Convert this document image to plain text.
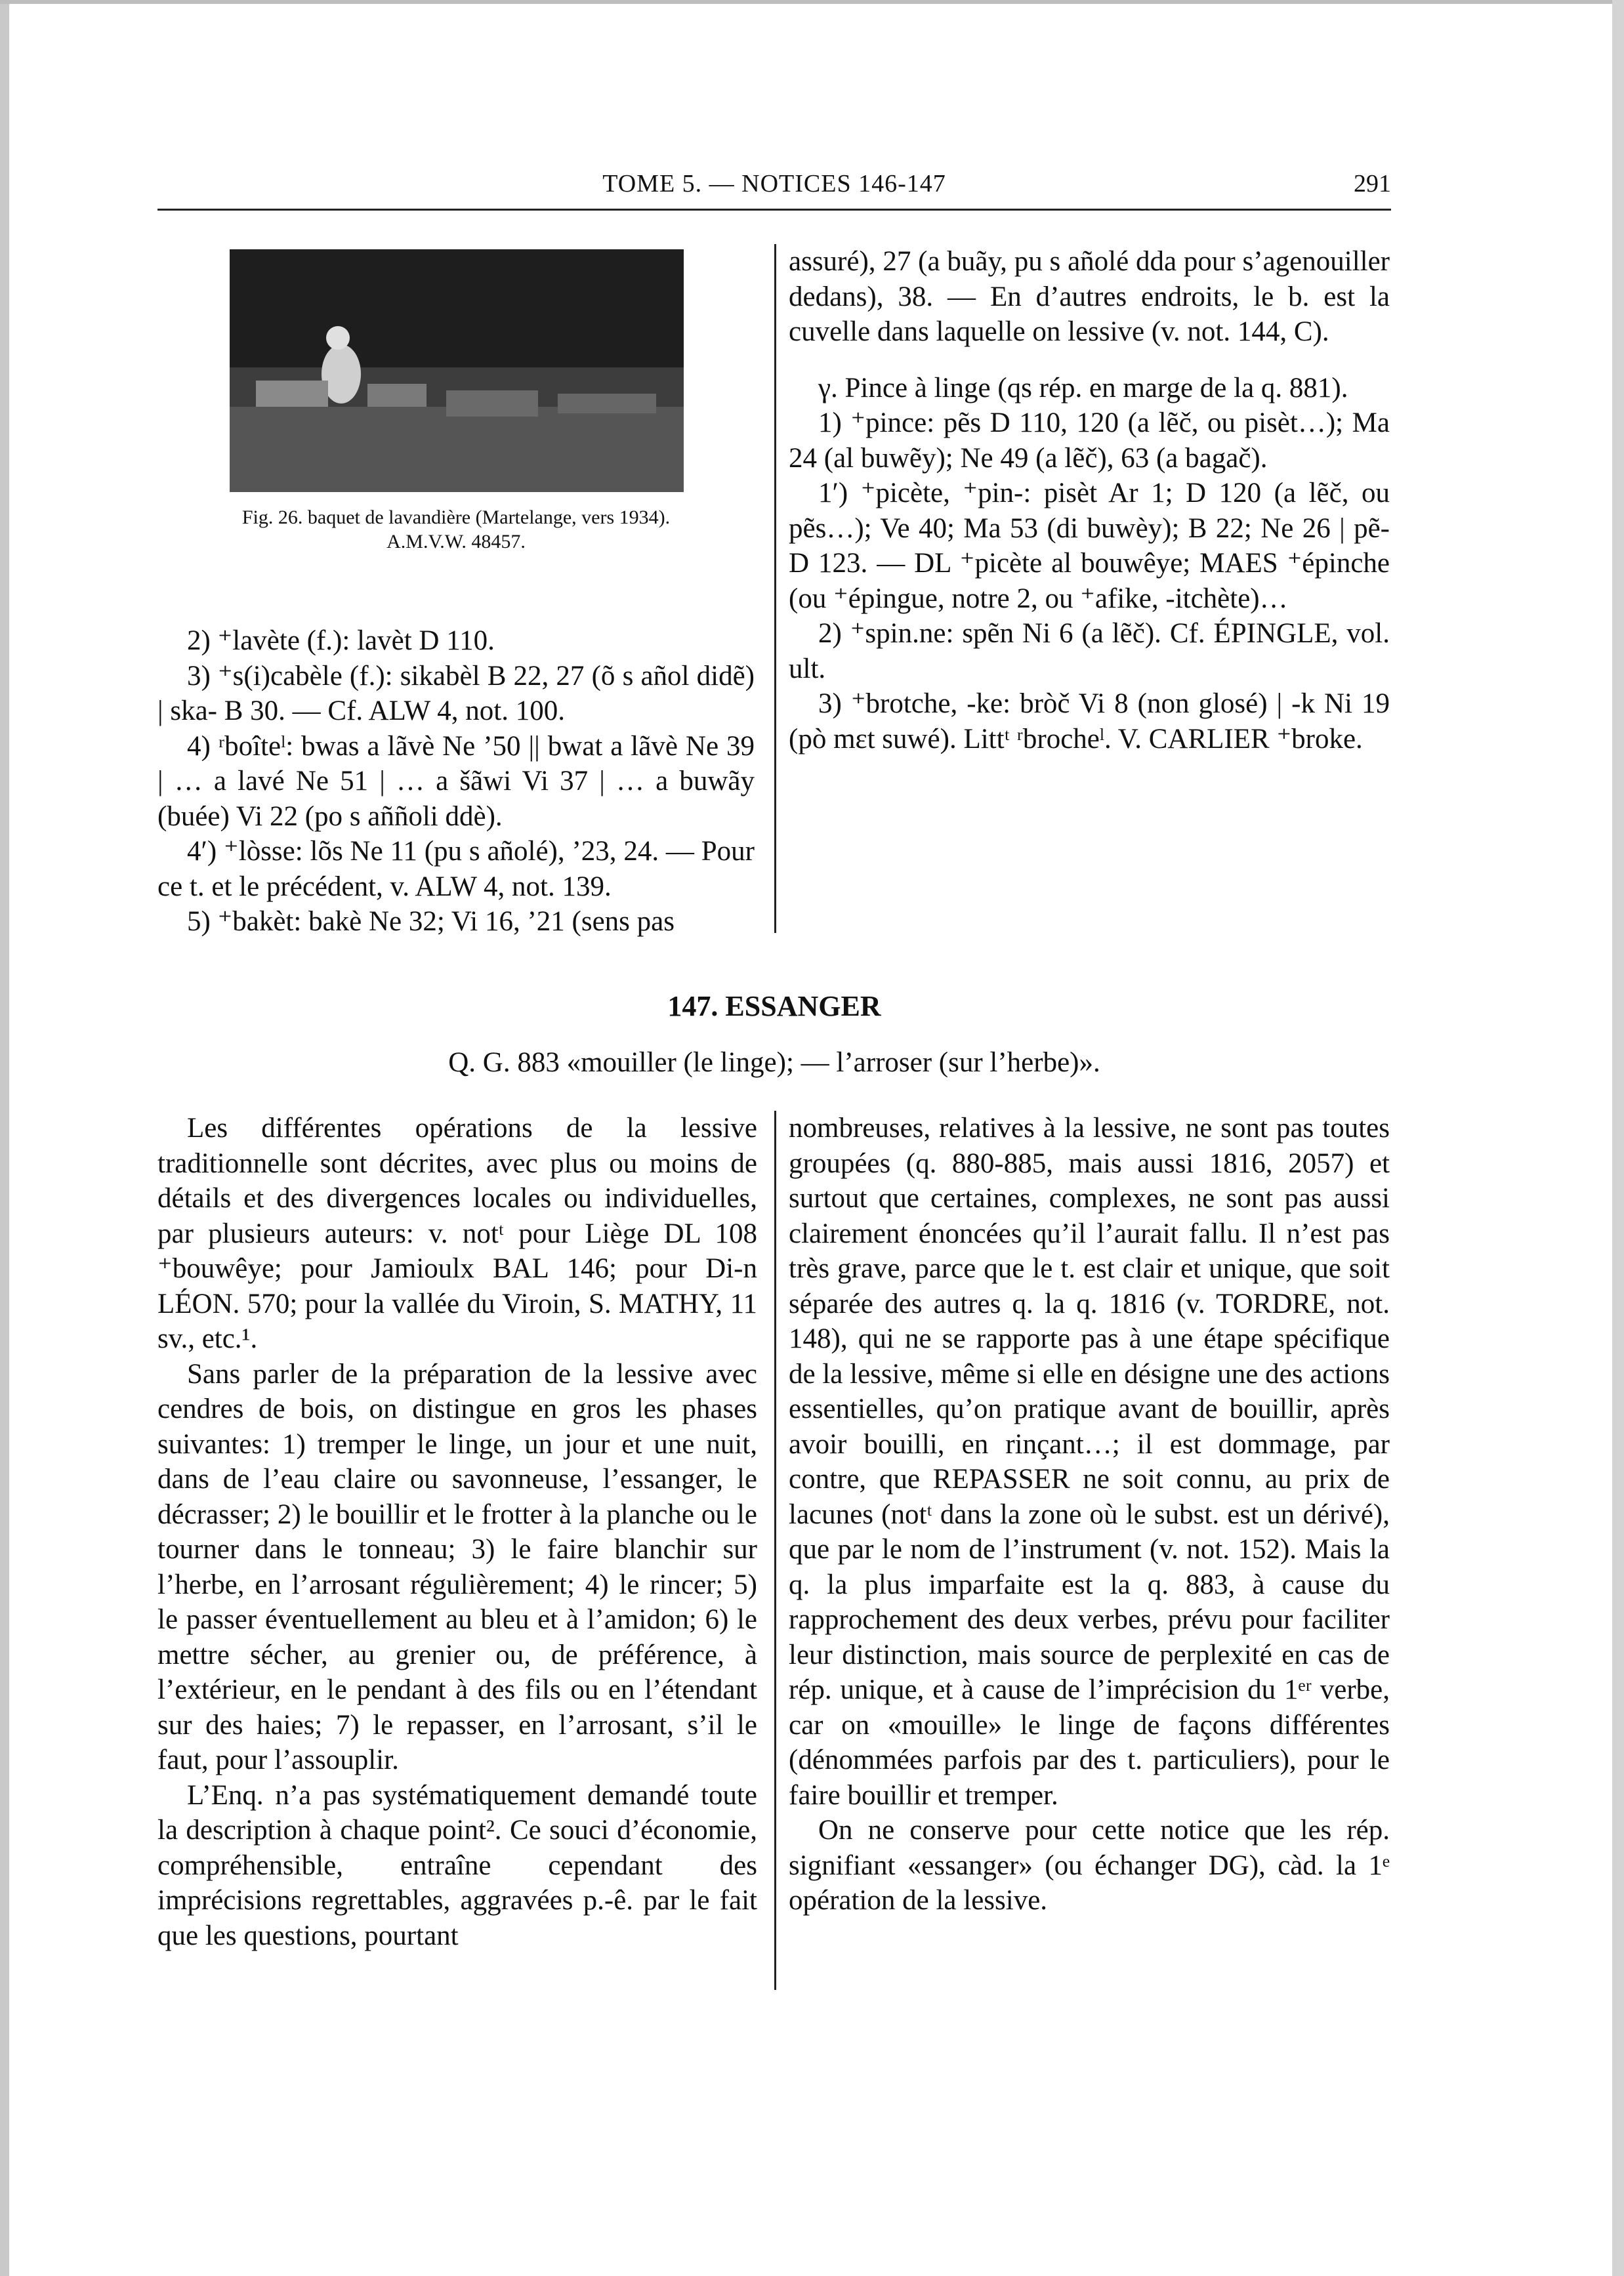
TOME 5. — NOTICES 146-147	291
Fig. 26. baquet de lavandière (Martelange, vers 1934).
A.M.V.W. 48457.

2) ⁺lavète (f.): lavèt D 110.

3) ⁺s(i)cabèle (f.): sikabèl B 22, 27 (õ s añol didẽ) | ska- B 30. — Cf. ALW 4, not. 100.

4) ʳboîteˡ: bwas a lãvè Ne ’50 || bwat a lãvè Ne 39 | … a lavé Ne 51 | … a šãwi Vi 37 | … a buwãy (buée) Vi 22 (po s aññoli ddè).

4′) ⁺lòsse: lõs Ne 11 (pu s añolé), ’23, 24. — Pour ce t. et le précédent, v. ALW 4, not. 139.

5) ⁺bakèt: bakè Ne 32; Vi 16, ’21 (sens pas

assuré), 27 (a buãy, pu s añolé dda pour s’agenouiller dedans), 38. — En d’autres endroits, le b. est la cuvelle dans laquelle on lessive (v. not. 144, C).

γ. Pince à linge (qs rép. en marge de la q. 881).

1) ⁺pince: pẽs D 110, 120 (a lẽč, ou pisèt…); Ma 24 (al buwẽy); Ne 49 (a lẽč), 63 (a bagač).

1′) ⁺picète, ⁺pin-: pisèt Ar 1; D 120 (a lẽč, ou pẽs…); Ve 40; Ma 53 (di buwèy); B 22; Ne 26 | pẽ- D 123. — DL ⁺picète al bouwêye; MAES ⁺épinche (ou ⁺épingue, notre 2, ou ⁺afike, -itchète)…

2) ⁺spin.ne: spẽn Ni 6 (a lẽč). Cf. ÉPINGLE, vol. ult.

3) ⁺brotche, -ke: bròč Vi 8 (non glosé) | -k Ni 19 (pò mɛt suwé). Littᵗ ʳbrocheˡ. V. CARLIER ⁺broke.

147. ESSANGER
Q. G. 883 «mouiller (le linge); — l’arroser (sur l’herbe)».

Les différentes opérations de la lessive traditionnelle sont décrites, avec plus ou moins de détails et des divergences locales ou individuelles, par plusieurs auteurs: v. notᵗ pour Liège DL 108 ⁺bouwêye; pour Jamioulx BAL 146; pour Di-n LÉON. 570; pour la vallée du Viroin, S. MATHY, 11 sv., etc.¹.

Sans parler de la préparation de la lessive avec cendres de bois, on distingue en gros les phases suivantes: 1) tremper le linge, un jour et une nuit, dans de l’eau claire ou savonneuse, l’essanger, le décrasser; 2) le bouillir et le frotter à la planche ou le tourner dans le tonneau; 3) le faire blanchir sur l’herbe, en l’arrosant régulièrement; 4) le rincer; 5) le passer éventuellement au bleu et à l’amidon; 6) le mettre sécher, au grenier ou, de préférence, à l’extérieur, en le pendant à des fils ou en l’étendant sur des haies; 7) le repasser, en l’arrosant, s’il le faut, pour l’assouplir.

L’Enq. n’a pas systématiquement demandé toute la description à chaque point². Ce souci d’économie, compréhensible, entraîne cependant des imprécisions regrettables, aggravées p.-ê. par le fait que les questions, pourtant

nombreuses, relatives à la lessive, ne sont pas toutes groupées (q. 880-885, mais aussi 1816, 2057) et surtout que certaines, complexes, ne sont pas aussi clairement énoncées qu’il l’aurait fallu. Il n’est pas très grave, parce que le t. est clair et unique, que soit séparée des autres q. la q. 1816 (v. TORDRE, not. 148), qui ne se rapporte pas à une étape spécifique de la lessive, même si elle en désigne une des actions essentielles, qu’on pratique avant de bouillir, après avoir bouilli, en rinçant…; il est dommage, par contre, que REPASSER ne soit connu, au prix de lacunes (notᵗ dans la zone où le subst. est un dérivé), que par le nom de l’instrument (v. not. 152). Mais la q. la plus imparfaite est la q. 883, à cause du rapprochement des deux verbes, prévu pour faciliter leur distinction, mais source de perplexité en cas de rép. unique, et à cause de l’imprécision du 1ᵉʳ verbe, car on «mouille» le linge de façons différentes (dénommées parfois par des t. particuliers), pour le faire bouillir et tremper.

On ne conserve pour cette notice que les rép. signifiant «essanger» (ou échanger DG), càd. la 1ᵉ opération de la lessive.
